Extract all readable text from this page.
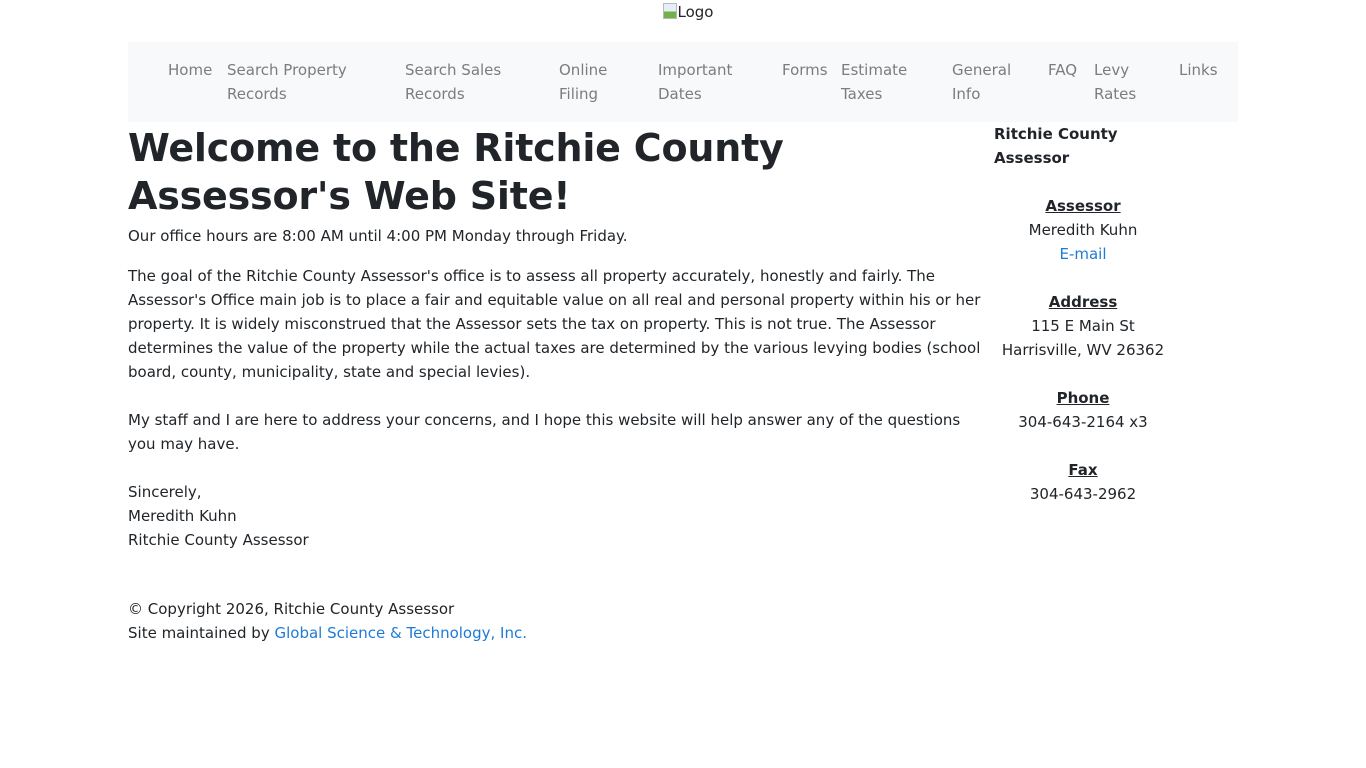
Logo
Home Search Property Records
Search Sales Records
Online Filing
Important Dates
Forms Estimate Taxes
General Info
FAQ	Levy Rates
Links
Welcome to the Ritchie County Assessor's Web Site!

Our office hours are 8:00 AM until 4:00 PM Monday through Friday.

The goal of the Ritchie County Assessor's office is to assess all property accurately, honestly and fairly. The Assessor's Office main job is to place a fair and equitable value on all real and personal property within his or her property. It is widely misconstrued that the Assessor sets the tax on property. This is not true. The Assessor determines the value of the property while the actual taxes are determined by the various levying bodies (school board, county, municipality, state and special levies).

My staff and I are here to address your concerns, and I hope this website will help answer any of the questions you may have.

Sincerely,
Meredith Kuhn
Ritchie County Assessor
Ritchie County Assessor
Assessor
Meredith Kuhn
E-mail
Address
115 E Main St
Harrisville, WV 26362
Phone
304-643-2164 x3
Fax
304-643-2962
© Copyright 2026, Ritchie County Assessor
Site maintained by Global Science & Technology, Inc.
